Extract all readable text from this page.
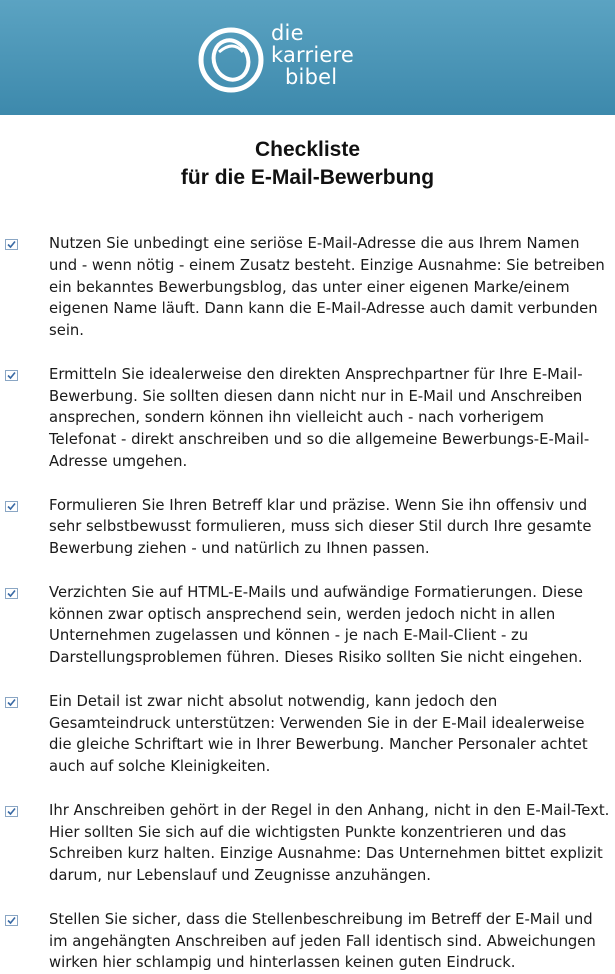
die
karriere
bibel
Checkliste
für die E-Mail-Bewerbung
Nutzen Sie unbedingt eine seriöse E-Mail-Adresse die aus Ihrem Namen und - wenn nötig - einem Zusatz besteht. Einzige Ausnahme: Sie betreiben ein bekanntes Bewerbungsblog, das unter einer eigenen Marke/einem eigenen Name läuft. Dann kann die E-Mail-Adresse auch damit verbunden sein.
Ermitteln Sie idealerweise den direkten Ansprechpartner für Ihre E-Mail-Bewerbung. Sie sollten diesen dann nicht nur in E-Mail und Anschreiben ansprechen, sondern können ihn vielleicht auch - nach vorherigem Telefonat - direkt anschreiben und so die allgemeine Bewerbungs-E-Mail-Adresse umgehen.
Formulieren Sie Ihren Betreff klar und präzise. Wenn Sie ihn offensiv und sehr selbstbewusst formulieren, muss sich dieser Stil durch Ihre gesamte Bewerbung ziehen - und natürlich zu Ihnen passen.
Verzichten Sie auf HTML-E-Mails und aufwändige Formatierungen. Diese können zwar optisch ansprechend sein, werden jedoch nicht in allen Unternehmen zugelassen und können - je nach E-Mail-Client - zu Darstellungsproblemen führen. Dieses Risiko sollten Sie nicht eingehen.
Ein Detail ist zwar nicht absolut notwendig, kann jedoch den Gesamteindruck unterstützen: Verwenden Sie in der E-Mail idealerweise die gleiche Schriftart wie in Ihrer Bewerbung. Mancher Personaler achtet auch auf solche Kleinigkeiten.
Ihr Anschreiben gehört in der Regel in den Anhang, nicht in den E-Mail-Text. Hier sollten Sie sich auf die wichtigsten Punkte konzentrieren und das Schreiben kurz halten. Einzige Ausnahme: Das Unternehmen bittet explizit darum, nur Lebenslauf und Zeugnisse anzuhängen.
Stellen Sie sicher, dass die Stellenbeschreibung im Betreff der E-Mail und im angehängten Anschreiben auf jeden Fall identisch sind. Abweichungen wirken hier schlampig und hinterlassen keinen guten Eindruck.
